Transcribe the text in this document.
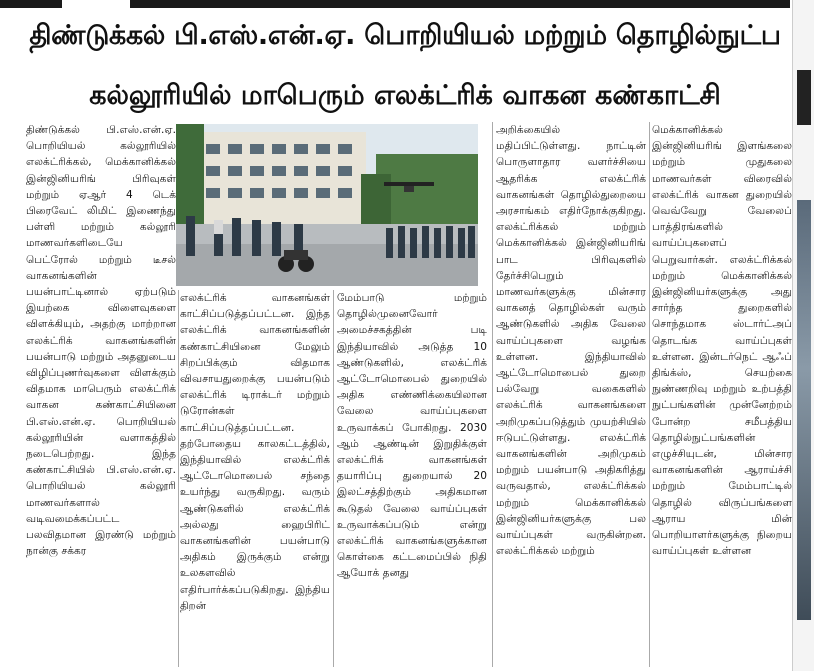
திண்டுக்கல் பி.எஸ்.என்.ஏ. பொறியியல் மற்றும் தொழில்நுட்ப
கல்லூரியில் மாபெரும் எலக்ட்ரிக் வாகன கண்காட்சி
திண்டுக்கல் பி.எஸ்.என்.ஏ. பொறியியல் கல்லூரியில் எலக்ட்ரிக்கல், மெக்கானிக்கல் இன்ஜினியரிங் பிரிவுகள் மற்றும் ஏஆர் 4 டெக் பிரைவேட் லிமிட் இணைந்து பள்ளி மற்றும் கல்லூரி மாணவர்களிடையே பெட்ரோல் மற்றும் டீசல் வாகனங்களின் பயன்பாட்டினால் ஏற்படும் இயற்கை விளைவுகளை விளக்கியும், அதற்கு மாற்றான எலக்ட்ரிக் வாகனங்களின் பயன்பாடு மற்றும் அதனுடைய விழிப்புணர்வுகளை விளக்கும் விதமாக மாபெரும் எலக்ட்ரிக் வாகன கண்காட்சியினை பி.எஸ்.என்.ஏ. பொறியியல் கல்லூரியின் வளாகத்தில் நடைபெற்றது. இந்த கண்காட்சியில் பி.எஸ்.என்.ஏ. பொறியியல் கல்லூரி மாணவர்களால் வடிவமைக்கப்பட்ட பலவிதமான இரண்டு மற்றும் நான்கு சக்கர
எலக்ட்ரிக் வாகனங்கள் காட்சிப்படுத்தப்பட்டன. இந்த எலக்ட்ரிக் வாகனங்களின் கண்காட்சியினை மேலும் சிறப்பிக்கும் விதமாக விவசாயதுறைக்கு பயன்படும் எலக்ட்ரிக் டிராக்டர் மற்றும் டுரோன்கள் காட்சிப்படுத்தப்பட்டன. தற்போதைய காலகட்டத்தில், இந்தியாவில் எலக்ட்ரிக் ஆட்டோமொபைல் சந்தை உயர்ந்து வருகிறது. வரும் ஆண்டுகளில் எலக்ட்ரிக் அல்லது ஹைபிரிட் வாகனங்களின் பயன்பாடு அதிகம் இருக்கும் என்று உலகளவில் எதிர்பார்க்கப்படுகிறது. இந்திய திறன்
மேம்பாடு மற்றும் தொழில்முனைவோர் அமைச்சகத்தின் படி இந்தியாவில் அடுத்த 10 ஆண்டுகளில், எலக்ட்ரிக் ஆட்டோமொபைல் துறையில் அதிக எண்ணிக்கையிலான வேலை வாய்ப்புகளை உருவாக்கப் போகிறது. 2030 ஆம் ஆண்டின் இறுதிக்குள் எலக்ட்ரிக் வாகனங்கள் தயாரிப்பு துறையால் 20 இலட்சத்திற்கும் அதிகமான கூடுதல் வேலை வாய்ப்புகள் உருவாக்கப்படும் என்று எலக்ட்ரிக் வாகனங்களுக்கான கொள்கை கட்டமைப்பில் நிதி ஆயோக் தனது
அறிக்கையில் மதிப்பிட்டுள்ளது. நாட்டின் பொருளாதார வளர்ச்சியை ஆதரிக்க எலக்ட்ரிக் வாகனங்கள் தொழில்துறையை அரசாங்கம் எதிர்நோக்குகிறது. எலக்ட்ரிக்கல் மற்றும் மெக்கானிக்கல் இன்ஜினியரிங் பாட பிரிவுகளில் தேர்ச்சிபெறும் மாணவர்களுக்கு மின்சார வாகனத் தொழில்கள் வரும் ஆண்டுகளில் அதிக வேலை வாய்ப்புகளை வழங்க உள்ளன. இந்தியாவில் ஆட்டோமொபைல் துறை பல்வேறு வகைகளில் எலக்ட்ரிக் வாகனங்களை அறிமுகப்படுத்தும் முயற்சியில் ஈடுபட்டுள்ளது. எலக்ட்ரிக் வாகனங்களின் அறிமுகம் மற்றும் பயன்பாடு அதிகரித்து வருவதால், எலக்ட்ரிக்கல் மற்றும் மெக்கானிக்கல் இன்ஜினியர்களுக்கு பல வாய்ப்புகள் வருகின்றன. எலக்ட்ரிக்கல் மற்றும்
மெக்கானிக்கல் இன்ஜினியரிங் இளங்கலை மற்றும் முதுகலை மாணவர்கள் விரைவில் எலக்ட்ரிக் வாகன துறையில் வெவ்வேறு வேலைப் பாத்திரங்களில் வாய்ப்புகளைப் பெறுவார்கள். எலக்ட்ரிக்கல் மற்றும் மெக்கானிக்கல் இன்ஜினியர்களுக்கு அது சார்ந்த துறைகளில் சொந்தமாக ஸ்டார்ட்அப் தொடங்க வாய்ப்புகள் உள்ளன. இன்டர்நெட் ஆஃப் திங்க்ஸ், செயற்கை நுண்ணறிவு மற்றும் உற்பத்தி நுட்பங்களின் முன்னேற்றம் போன்ற சமீபத்திய தொழில்நுட்பங்களின் எழுச்சியுடன், மின்சார வாகனங்களின் ஆராய்ச்சி மற்றும் மேம்பாட்டில் தொழில் விருப்பங்களை ஆராய மின் பொறியாளர்களுக்கு நிறைய வாய்ப்புகள் உள்ளன
